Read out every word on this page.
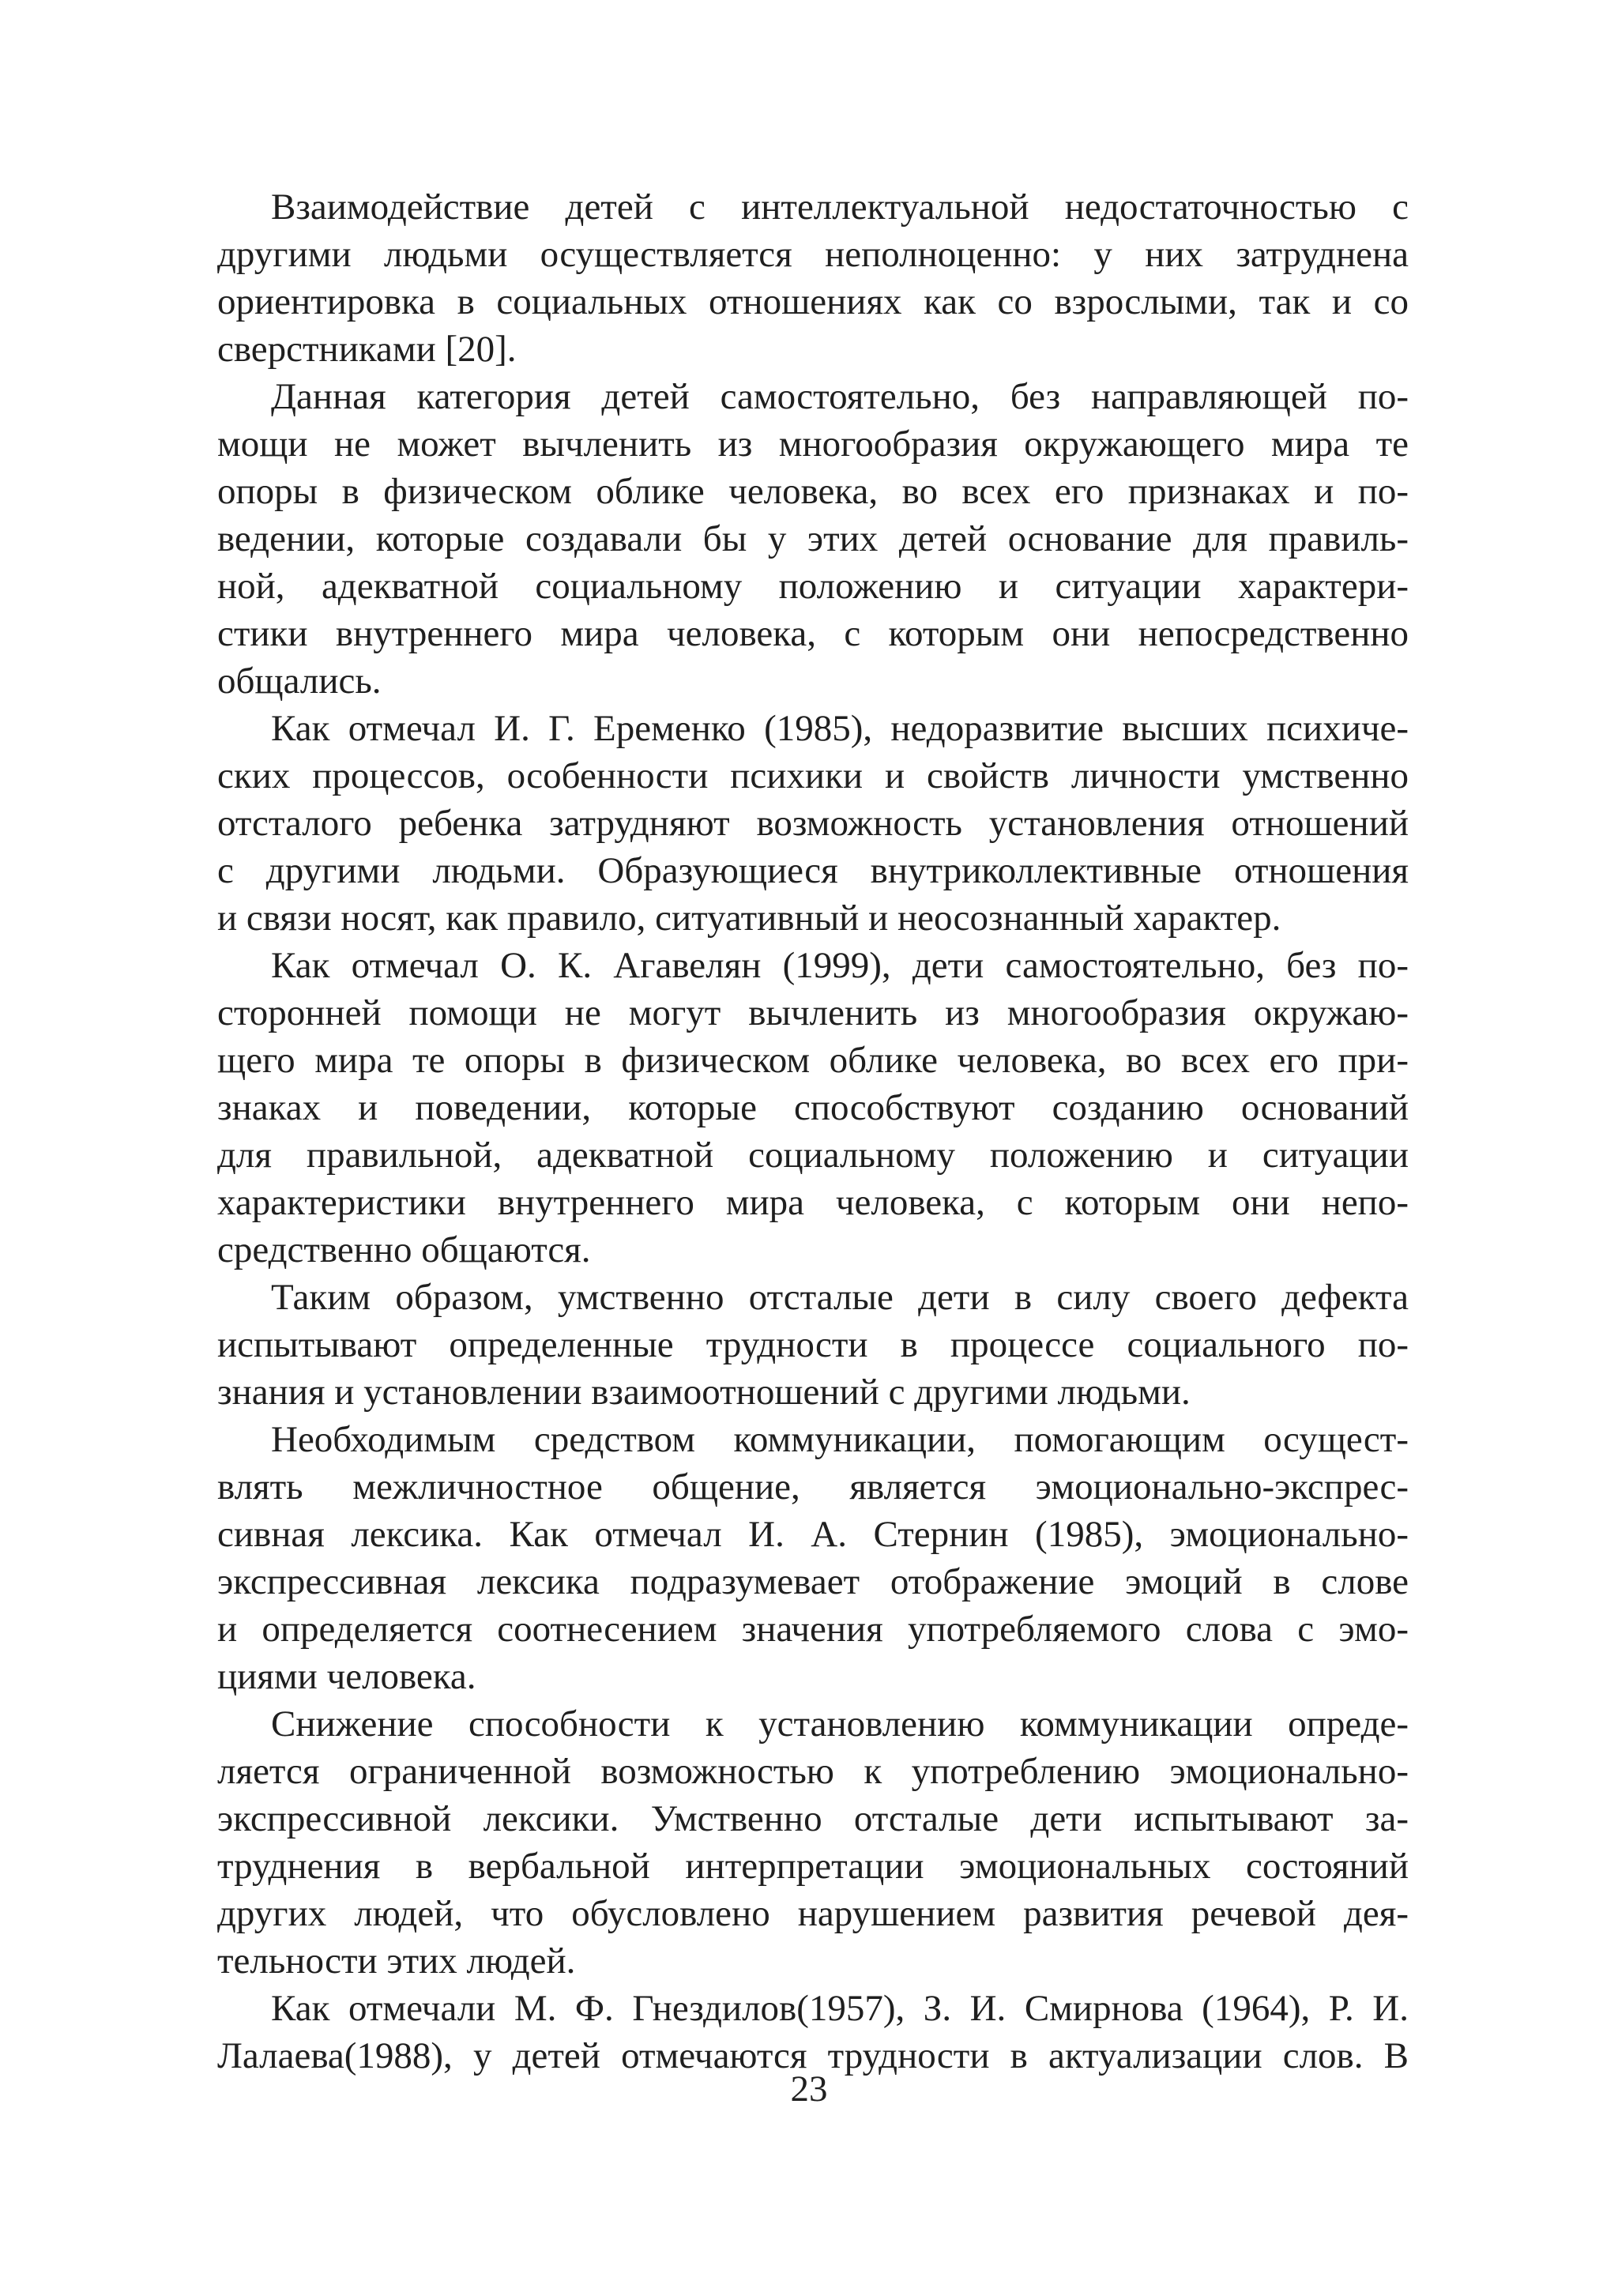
Взаимодействие детей с интеллектуальной недостаточностью с
другими людьми осуществляется неполноценно: у них затруднена
ориентировка в социальных отношениях как со взрослыми, так и со
сверстниками [20].
Данная категория детей самостоятельно, без направляющей по-
мощи не может вычленить из многообразия окружающего мира те
опоры в физическом облике человека, во всех его признаках и по-
ведении, которые создавали бы у этих детей основание для правиль-
ной, адекватной социальному положению и ситуации характери-
стики внутреннего мира человека, с которым они непосредственно
общались.
Как отмечал И. Г. Еременко (1985), недоразвитие высших психиче-
ских процессов, особенности психики и свойств личности умственно
отсталого ребенка затрудняют возможность установления отношений
с другими людьми. Образующиеся внутриколлективные отношения
и связи носят, как правило, ситуативный и неосознанный характер.
Как отмечал О. К. Агавелян (1999), дети самостоятельно, без по-
сторонней помощи не могут вычленить из многообразия окружаю-
щего мира те опоры в физическом облике человека, во всех его при-
знаках и поведении, которые способствуют созданию оснований
для правильной, адекватной социальному положению и ситуации
характеристики внутреннего мира человека, с которым они непо-
средственно общаются.
Таким образом, умственно отсталые дети в силу своего дефекта
испытывают определенные трудности в процессе социального по-
знания и установлении взаимоотношений с другими людьми.
Необходимым средством коммуникации, помогающим осущест-
влять межличностное общение, является эмоционально-экспрес-
сивная лексика. Как отмечал И. А. Стернин (1985), эмоционально-
экспрессивная лексика подразумевает отображение эмоций в слове
и определяется соотнесением значения употребляемого слова с эмо-
циями человека.
Снижение способности к установлению коммуникации опреде-
ляется ограниченной возможностью к употреблению эмоционально-
экспрессивной лексики. Умственно отсталые дети испытывают за-
труднения в вербальной интерпретации эмоциональных состояний
других людей, что обусловлено нарушением развития речевой дея-
тельности этих людей.
Как отмечали М. Ф. Гнездилов(1957), З. И. Смирнова (1964), Р. И.
Лалаева(1988), у детей отмечаются трудности в актуализации слов. В
23
